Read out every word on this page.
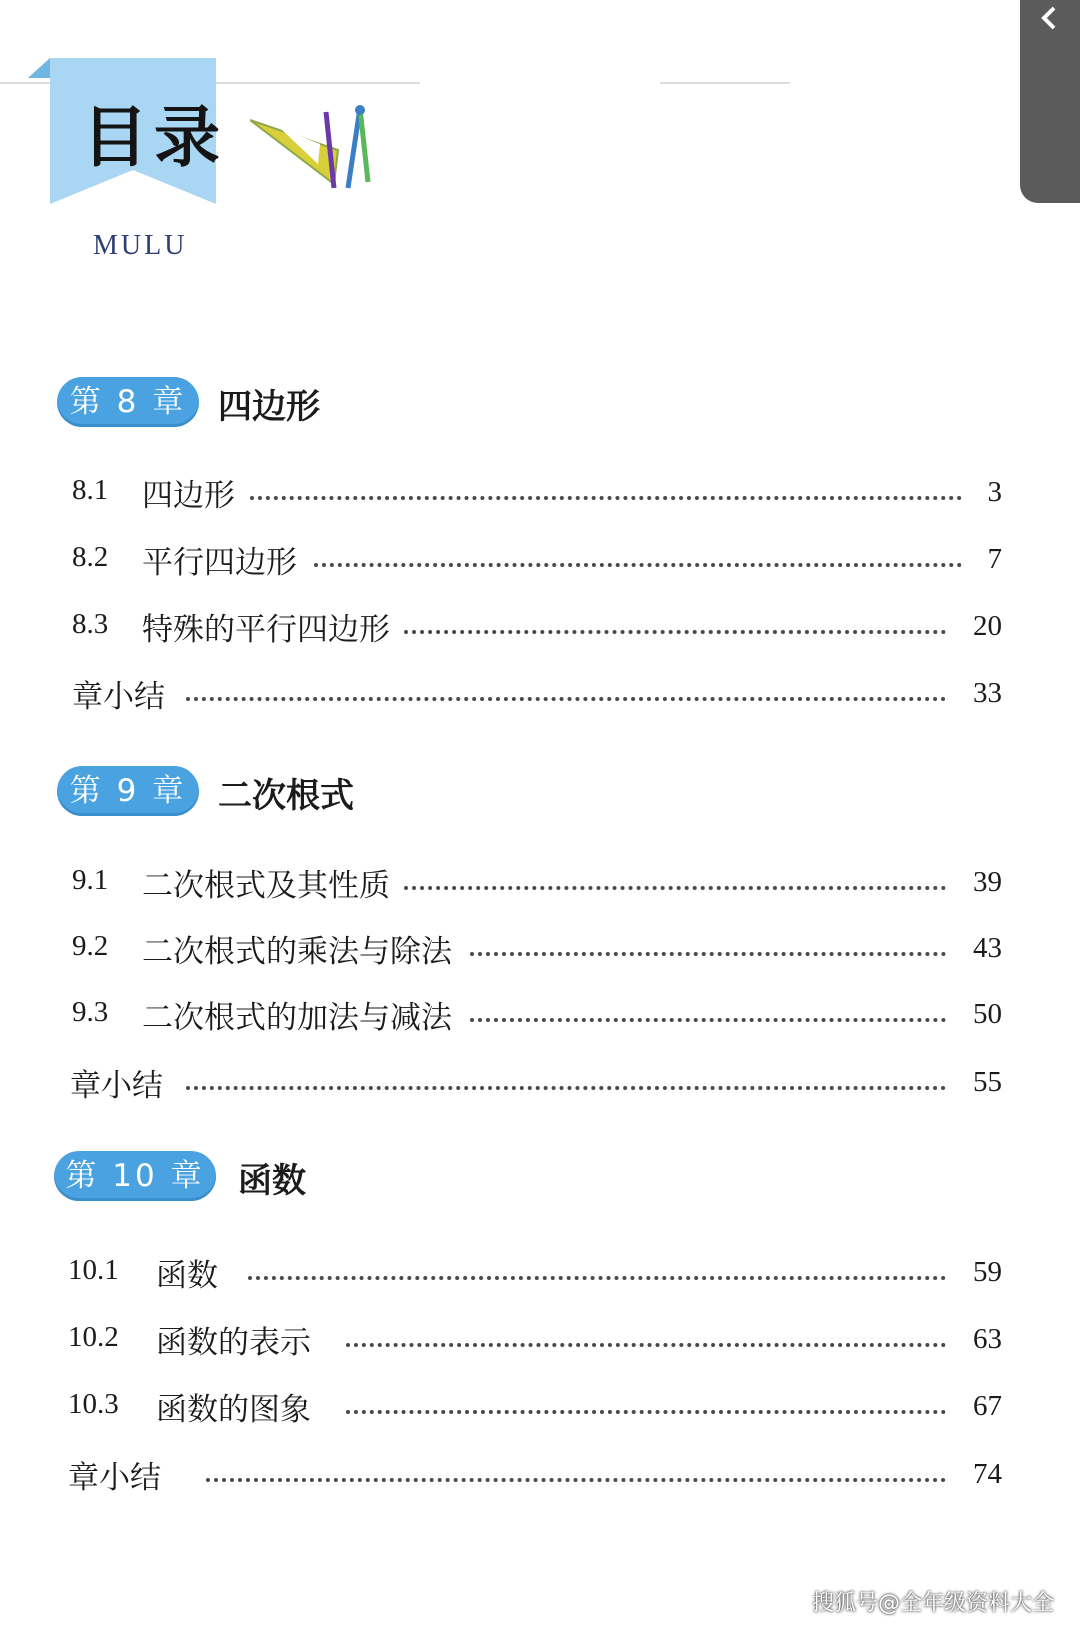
目录
MULU
第 8 章 四边形
8.1 四边形	3
8.2 平行四边形	7
8.3 特殊的平行四边形	20
章小结	33
第 9 章 二次根式
9.1 二次根式及其性质	39
9.2 二次根式的乘法与除法	43
9.3 二次根式的加法与减法	50
章小结	55
第 10 章 函数
10.1 函数	59
10.2 函数的表示	63
10.3 函数的图象	67
章小结	74
搜狐号@全年级资料大全
